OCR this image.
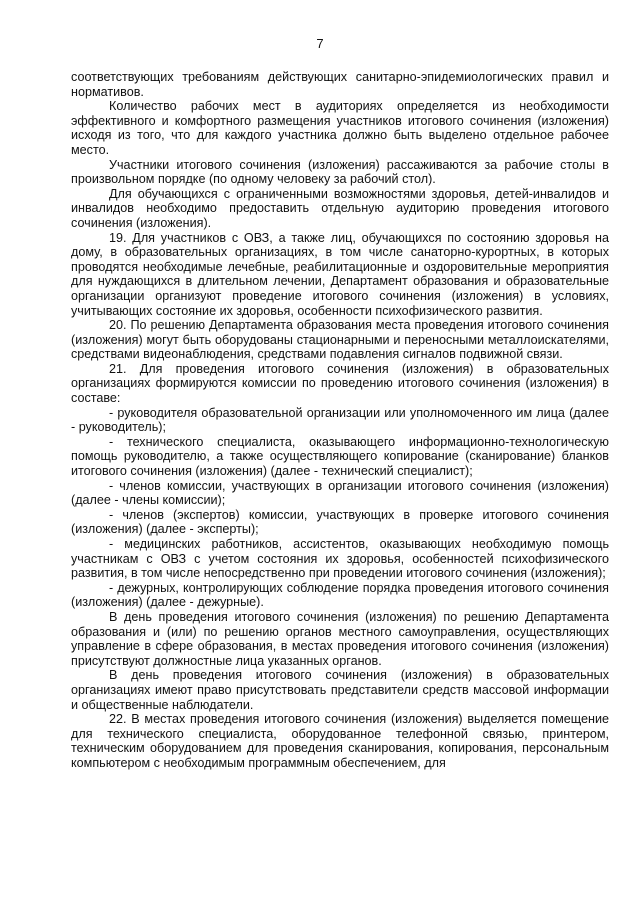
7

соответствующих требованиям действующих санитарно-эпидемиологических правил и нормативов.

Количество рабочих мест в аудиториях определяется из необходимости эффективного и комфортного размещения участников итогового сочинения (изложения) исходя из того, что для каждого участника должно быть выделено отдельное рабочее место.

Участники итогового сочинения (изложения) рассаживаются за рабочие столы в произвольном порядке (по одному человеку за рабочий стол).

Для обучающихся с ограниченными возможностями здоровья, детей-инвалидов и инвалидов необходимо предоставить отдельную аудиторию проведения итогового сочинения (изложения).

19. Для участников с ОВЗ, а также лиц, обучающихся по состоянию здоровья на дому, в образовательных организациях, в том числе санаторно-курортных, в которых проводятся необходимые лечебные, реабилитационные и оздоровительные мероприятия для нуждающихся в длительном лечении, Департамент образования и образовательные организации организуют проведение итогового сочинения (изложения) в условиях, учитывающих состояние их здоровья, особенности психофизического развития.

20. По решению Департамента образования места проведения итогового сочинения (изложения) могут быть оборудованы стационарными и переносными металлоискателями, средствами видеонаблюдения, средствами подавления сигналов подвижной связи.

21. Для проведения итогового сочинения (изложения) в образовательных организациях формируются комиссии по проведению итогового сочинения (изложения) в составе:

- руководителя образовательной организации или уполномоченного им лица (далее - руководитель);

- технического специалиста, оказывающего информационно-технологическую помощь руководителю, а также осуществляющего копирование (сканирование) бланков итогового сочинения (изложения) (далее - технический специалист);

- членов комиссии, участвующих в организации итогового сочинения (изложения) (далее - члены комиссии);

- членов (экспертов) комиссии, участвующих в проверке итогового сочинения (изложения) (далее - эксперты);

- медицинских работников, ассистентов, оказывающих необходимую помощь участникам с ОВЗ с учетом состояния их здоровья, особенностей психофизического развития, в том числе непосредственно при проведении итогового сочинения (изложения);

- дежурных, контролирующих соблюдение порядка проведения итогового сочинения (изложения) (далее - дежурные).

В день проведения итогового сочинения (изложения) по решению Департамента образования и (или) по решению органов местного самоуправления, осуществляющих управление в сфере образования, в местах проведения итогового сочинения (изложения) присутствуют должностные лица указанных органов.

В день проведения итогового сочинения (изложения) в образовательных организациях имеют право присутствовать представители средств массовой информации и общественные наблюдатели.

22. В местах проведения итогового сочинения (изложения) выделяется помещение для технического специалиста, оборудованное телефонной связью, принтером, техническим оборудованием для проведения сканирования, копирования, персональным компьютером с необходимым программным обеспечением, для
